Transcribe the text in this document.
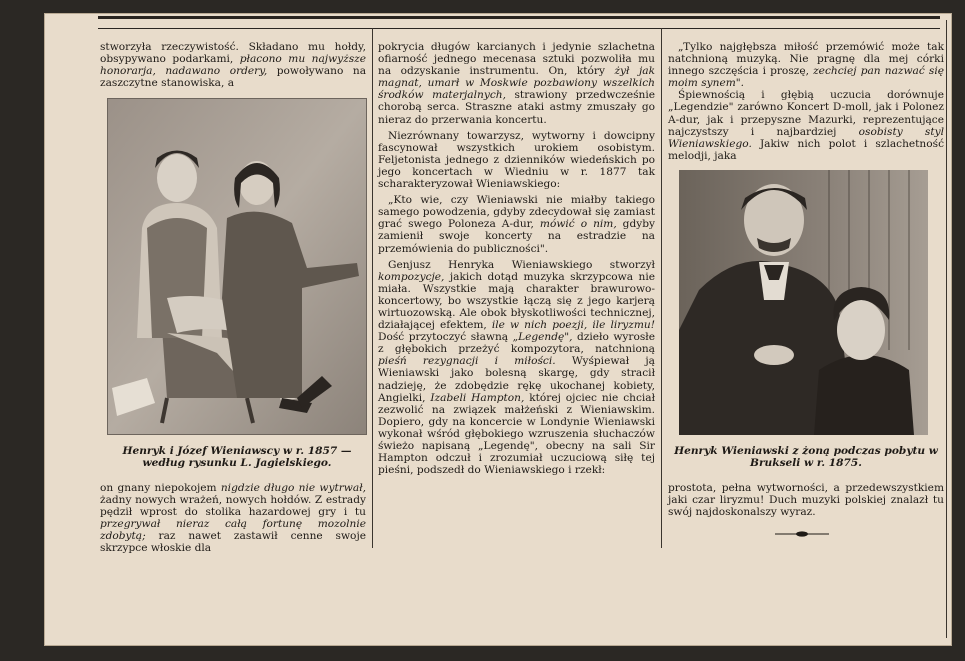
stworzyła rzeczywistość. Składano mu hołdy, obsypywano podarkami, płacono mu najwyższe honorarja, nadawano ordery, powoływano na zaszczytne stanowiska, a

Henryk i Józef Wieniawscy w r. 1857 — według rysunku L. Jagielskiego.

on gnany niepokojem nigdzie długo nie wytrwał, żadny nowych wrażeń, nowych hołdów. Z estrady pędził wprost do stolika hazardowej gry i tu przegrywał nieraz całą fortunę mozolnie zdobytą; raz nawet zastawił cenne swoje skrzypce włoskie dla

pokrycia długów karcianych i jedynie szlachetna ofiarność jednego mecenasa sztuki pozwoliła mu na odzyskanie instrumentu. On, który żył jak magnat, umarł w Moskwie pozbawiony wszelkich środków materjalnych, strawiony przedwcześnie chorobą serca. Straszne ataki astmy zmuszały go nieraz do przerwania koncertu.

Niezrównany towarzysz, wytworny i dowcipny fascynował wszystkich urokiem osobistym. Feljetonista jednego z dzienników wiedeńskich po jego koncertach w Wiedniu w r. 1877 tak scharakteryzował Wieniawskiego:

„Kto wie, czy Wieniawski nie miałby takiego samego powodzenia, gdyby zdecydował się zamiast grać swego Poloneza A-dur, mówić o nim, gdyby zamienił swoje koncerty na estradzie na przemówienia do publiczności".

Genjusz Henryka Wieniawskiego stworzył kompozycje, jakich dotąd muzyka skrzypcowa nie miała. Wszystkie mają charakter brawurowo-koncertowy, bo wszystkie łączą się z jego karjerą wirtuozowską. Ale obok błyskotliwości technicznej, działającej efektem, ile w nich poezji, ile liryzmu! Dość przytoczyć sławną „Legendę", dzieło wyrosłe z głębokich przeżyć kompozytora, natchnioną pieśń rezygnacji i miłości. Wyśpiewał ją Wieniawski jako bolesną skargę, gdy stracił nadzieję, że zdobędzie rękę ukochanej kobiety, Angielki, Izabeli Hampton, której ojciec nie chciał zezwolić na związek małżeński z Wieniawskim. Dopiero, gdy na koncercie w Londynie Wieniawski wykonał wśród głębokiego wzruszenia słuchaczów świeżo napisaną „Legendę", obecny na sali Sir Hampton odczuł i zrozumiał uczuciową siłę tej pieśni, podszedł do Wieniawskiego i rzekł:

„Tylko najgłębsza miłość przemówić może tak natchnioną muzyką. Nie pragnę dla mej córki innego szczęścia i proszę, zechciej pan nazwać się moim synem".

Śpiewnością i głębią uczucia dorównuje „Legendzie" zarówno Koncert D-moll, jak i Polonez A-dur, jak i przepyszne Mazurki, reprezentujące najczystszy i najbardziej osobisty styl Wieniawskiego. Jakiw nich polot i szlachetność melodji, jaka

Henryk Wieniawski z żoną podczas pobytu w Brukseli w r. 1875.

prostota, pełna wytworności, a przedewszystkiem jaki czar liryzmu! Duch muzyki polskiej znalazł tu swój najdoskonalszy wyraz.
